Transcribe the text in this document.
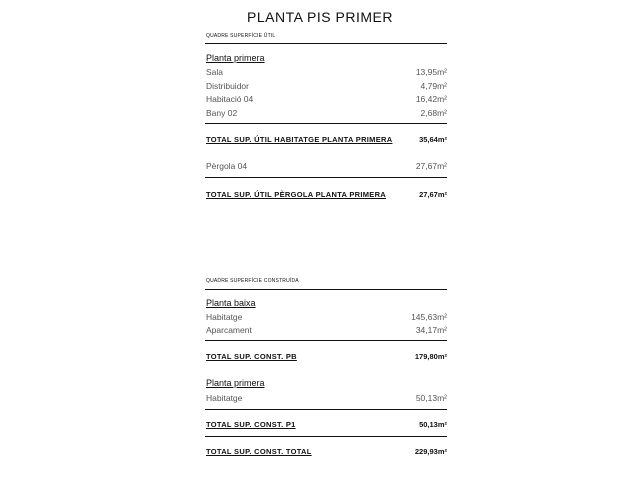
PLANTA PIS PRIMER
QUADRE SUPERFÍCIE ÚTIL
Planta primera
Sala	13,95m²
Distribuidor	4,79m²
Habitació 04	16,42m²
Bany 02	2,68m²
TOTAL SUP. ÚTIL HABITATGE PLANTA PRIMERA	35,64m²
Pèrgola 04	27,67m²
TOTAL SUP. ÚTIL PÈRGOLA PLANTA PRIMERA	27,67m²
QUADRE SUPERFÍCIE CONSTRUÏDA
Planta baixa
Habitatge	145,63m²
Aparcament	34,17m²
TOTAL SUP. CONST. PB	179,80m²
Planta primera
Habitatge	50,13m²
TOTAL SUP. CONST. P1	50,13m²
TOTAL SUP. CONST. TOTAL	229,93m²
